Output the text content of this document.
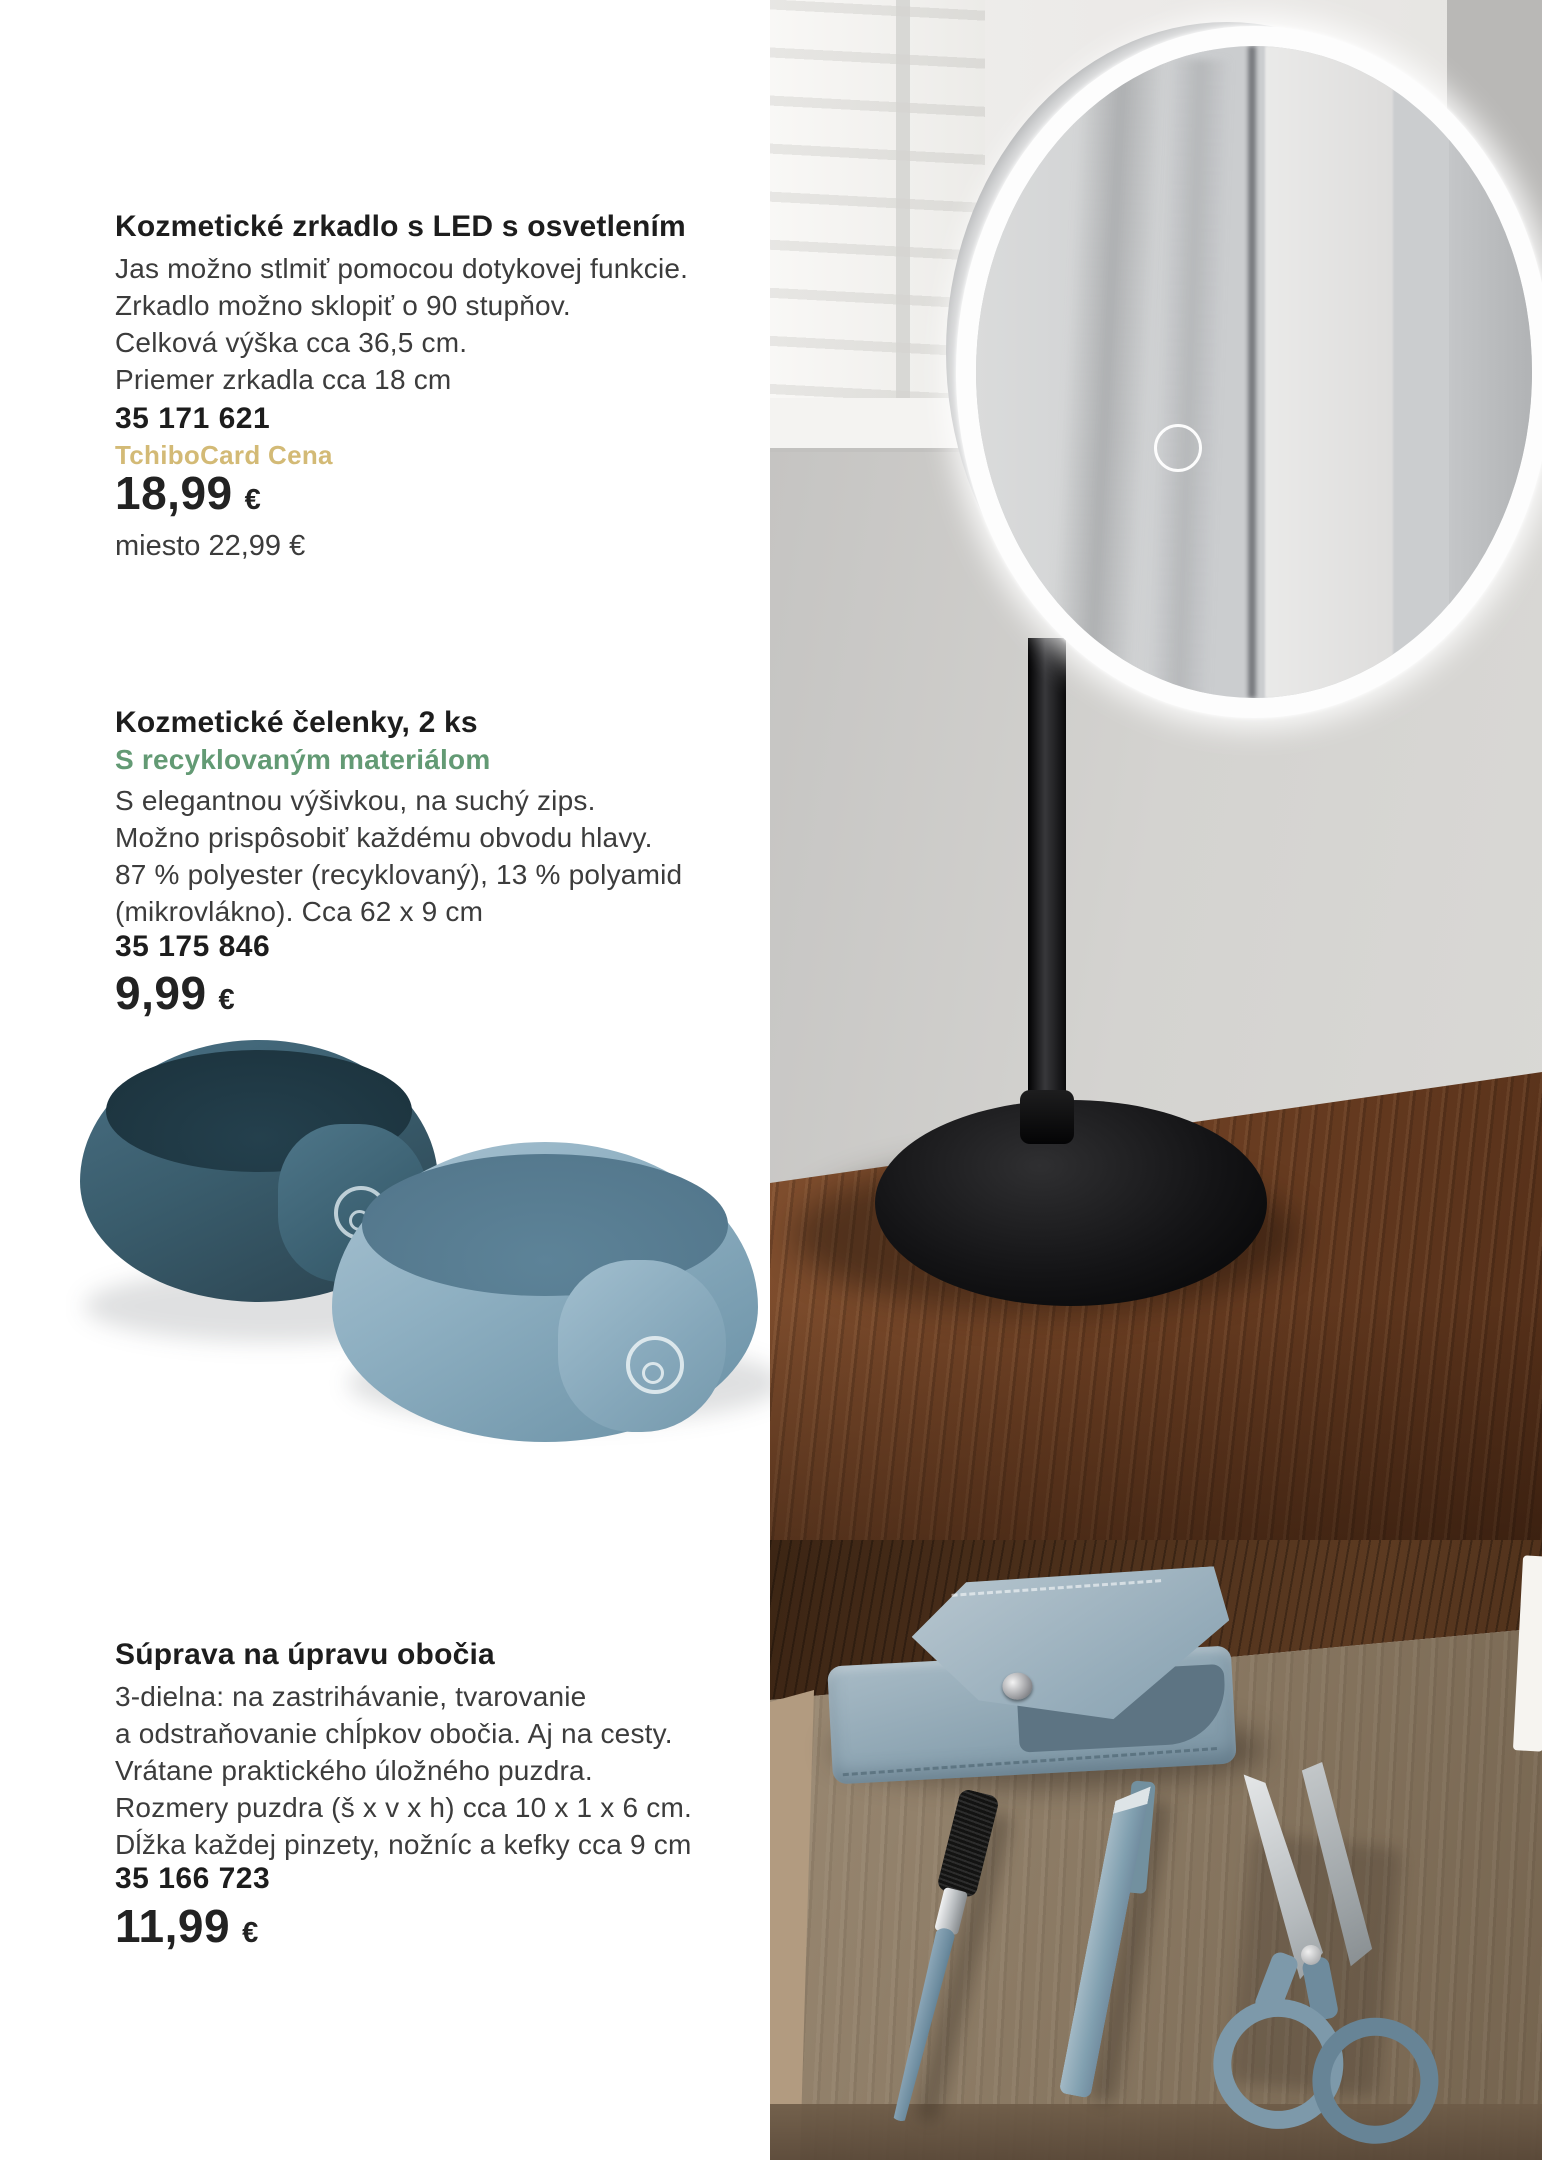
Kozmetické zrkadlo s LED s osvetlením
Jas možno stlmiť pomocou dotykovej funkcie.
Zrkadlo možno sklopiť o 90 stupňov.
Celková výška cca 36,5 cm.
Priemer zrkadla cca 18 cm
35 171 621
TchiboCard Cena
18,99 €
miesto 22,99 €
Kozmetické čelenky, 2 ks
S recyklovaným materiálom
S elegantnou výšivkou, na suchý zips.
Možno prispôsobiť každému obvodu hlavy.
87 % polyester (recyklovaný), 13 % polyamid
(mikrovlákno). Cca 62 x 9 cm
35 175 846
9,99 €
Súprava na úpravu obočia
3-dielna: na zastrihávanie, tvarovanie
a odstraňovanie chĺpkov obočia. Aj na cesty.
Vrátane praktického úložného puzdra.
Rozmery puzdra (š x v x h) cca 10 x 1 x 6 cm.
Dĺžka každej pinzety, nožníc a kefky cca 9 cm
35 166 723
11,99 €
